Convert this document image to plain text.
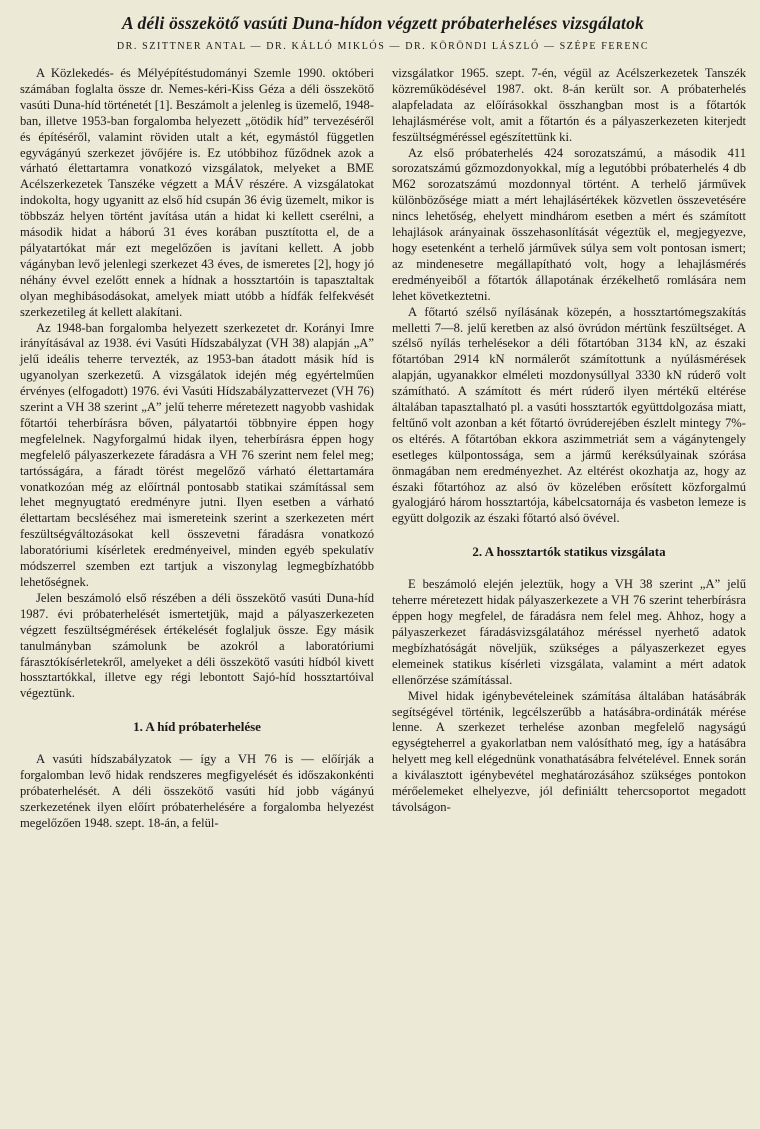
A déli összekötő vasúti Duna-hídon végzett próbaterheléses vizsgálatok
DR. SZITTNER ANTAL — DR. KÁLLÓ MIKLÓS — DR. KÖRÖNDI LÁSZLÓ — SZÉPE FERENC

A Közlekedés- és Mélyépítéstudományi Szemle 1990. októberi számában foglalta össze dr. Nemes-kéri-Kiss Géza a déli összekötő vasúti Duna-híd történetét [1]. Beszámolt a jelenleg is üzemelő, 1948-ban, illetve 1953-ban forgalomba helyezett „ötödik híd” tervezéséről és építéséről, valamint röviden utalt a két, egymástól független egyvágányú szerkezet jövőjére is. Ez utóbbihoz fűződnek azok a várható élettartamra vonatkozó vizsgálatok, melyeket a BME Acélszerkezetek Tanszéke végzett a MÁV részére. A vizsgálatokat indokolta, hogy ugyanitt az első híd csupán 36 évig üzemelt, mikor is többszáz helyen történt javítása után a hidat ki kellett cserélni, a második hidat a háború 31 éves korában pusztította el, de a pályatartókat már ezt megelőzően is javítani kellett. A jobb vágányban levő jelenlegi szerkezet 43 éves, de ismeretes [2], hogy jó néhány évvel ezelőtt ennek a hídnak a hossztartóin is tapasztaltak olyan meghibásodásokat, amelyek miatt utóbb a hídfák felfekvését szerkezetileg át kellett alakítani.

Az 1948-ban forgalomba helyezett szerkezetet dr. Korányi Imre irányításával az 1938. évi Vasúti Hídszabályzat (VH 38) alapján „A” jelű ideális teherre tervezték, az 1953-ban átadott másik híd is ugyanolyan szerkezetű. A vizsgálatok idején még egyértelműen érvényes (elfogadott) 1976. évi Vasúti Hídszabályzattervezet (VH 76) szerint a VH 38 szerint „A” jelű teherre méretezett nagyobb vashidak főtartói teherbírásra bőven, pályatartói többnyire éppen hogy megfelelnek. Nagyforgalmú hidak ilyen, teherbírásra éppen hogy megfelelő pályaszerkezete fáradásra a VH 76 szerint nem felel meg; tartósságára, a fáradt törést megelőző várható élettartamára vonatkozóan még az előírtnál pontosabb statikai számítással sem lehet megnyugtató eredményre jutni. Ilyen esetben a várható élettartam becsléséhez mai ismereteink szerint a szerkezeten mért feszültségváltozásokat kell összevetni fáradásra vonatkozó laboratóriumi kísérletek eredményeivel, minden egyéb spekulatív módszerrel szemben ezt tartjuk a viszonylag legmegbízhatóbb lehetőségnek.

Jelen beszámoló első részében a déli összekötő vasúti Duna-híd 1987. évi próbaterhelését ismertetjük, majd a pályaszerkezeten végzett feszültségmérések értékelését foglaljuk össze. Egy másik tanulmányban számolunk be azokról a laboratóriumi fárasztókísérletekről, amelyeket a déli összekötő vasúti hídból kivett hossztartókkal, illetve egy régi lebontott Sajó-híd hossztartóival végeztünk.

1. A híd próbaterhelése

A vasúti hídszabályzatok — így a VH 76 is — előírják a forgalomban levő hidak rendszeres megfigyelését és időszakonkénti próbaterhelését. A déli összekötő vasúti híd jobb vágányú szerkezetének ilyen előírt próbaterhelésére a forgalomba helyezést megelőzően 1948. szept. 18-án, a felül-

vizsgálatkor 1965. szept. 7-én, végül az Acélszerkezetek Tanszék közreműködésével 1987. okt. 8-án került sor. A próbaterhelés alapfeladata az előírásokkal összhangban most is a főtartók lehajlásmérése volt, amit a főtartón és a pályaszerkezeten kiterjedt feszültségméréssel egészítettünk ki.

Az első próbaterhelés 424 sorozatszámú, a második 411 sorozatszámú gőzmozdonyokkal, míg a legutóbbi próbaterhelés 4 db M62 sorozatszámú mozdonnyal történt. A terhelő járművek különbözősége miatt a mért lehajlásértékek közvetlen összevetésére nincs lehetőség, ehelyett mindhárom esetben a mért és számított lehajlások arányainak összehasonlítását végeztük el, megjegyezve, hogy esetenként a terhelő járművek súlya sem volt pontosan ismert; az mindenesetre megállapítható volt, hogy a lehajlásmérés eredményeiből a főtartók állapotának érzékelhető romlására nem lehet következtetni.

A főtartó szélső nyílásának közepén, a hossztartómegszakítás melletti 7—8. jelű keretben az alsó övrúdon mértünk feszültséget. A szélső nyílás terhelésekor a déli főtartóban 3134 kN, az északi főtartóban 2914 kN normálerőt számítottunk a nyúlásmérések alapján, ugyanakkor elméleti mozdonysúllyal 3330 kN rúderő volt számítható. A számított és mért rúderő ilyen mértékű eltérése általában tapasztalható pl. a vasúti hossztartók együttdolgozása miatt, feltűnő volt azonban a két főtartó övrúderejében észlelt mintegy 7%-os eltérés. A főtartóban ekkora aszimmetriát sem a vágánytengely esetleges külpontossága, sem a jármű keréksúlyainak szórása önmagában nem eredményezhet. Az eltérést okozhatja az, hogy az északi főtartóhoz az alsó öv közelében erősített közforgalmú gyalogjáró három hossztartója, kábelcsatornája és vasbeton lemeze is együtt dolgozik az északi főtartó alsó övével.

2. A hossztartók statikus vizsgálata

E beszámoló elején jeleztük, hogy a VH 38 szerint „A” jelű teherre méretezett hidak pályaszerkezete a VH 76 szerint teherbírásra éppen hogy megfelel, de fáradásra nem felel meg. Ahhoz, hogy a pályaszerkezet fáradásvizsgálatához méréssel nyerhető adatok megbízhatóságát növeljük, szükséges a pályaszerkezet egyes elemeinek statikus kísérleti vizsgálata, valamint a mért adatok ellenőrzése számítással.

Mivel hidak igénybevételeinek számítása általában hatásábrák segítségével történik, legcélszerűbb a hatásábra-ordináták mérése lenne. A szerkezet terhelése azonban megfelelő nagyságú egységteherrel a gyakorlatban nem valósítható meg, így a hatásábra helyett meg kell elégednünk vonathatásábra felvételével. Ennek során a kiválasztott igénybevétel meghatározásához szükséges pontokon mérőelemeket elhelyezve, jól definiáltt tehercsoportot megadott távolságon-
